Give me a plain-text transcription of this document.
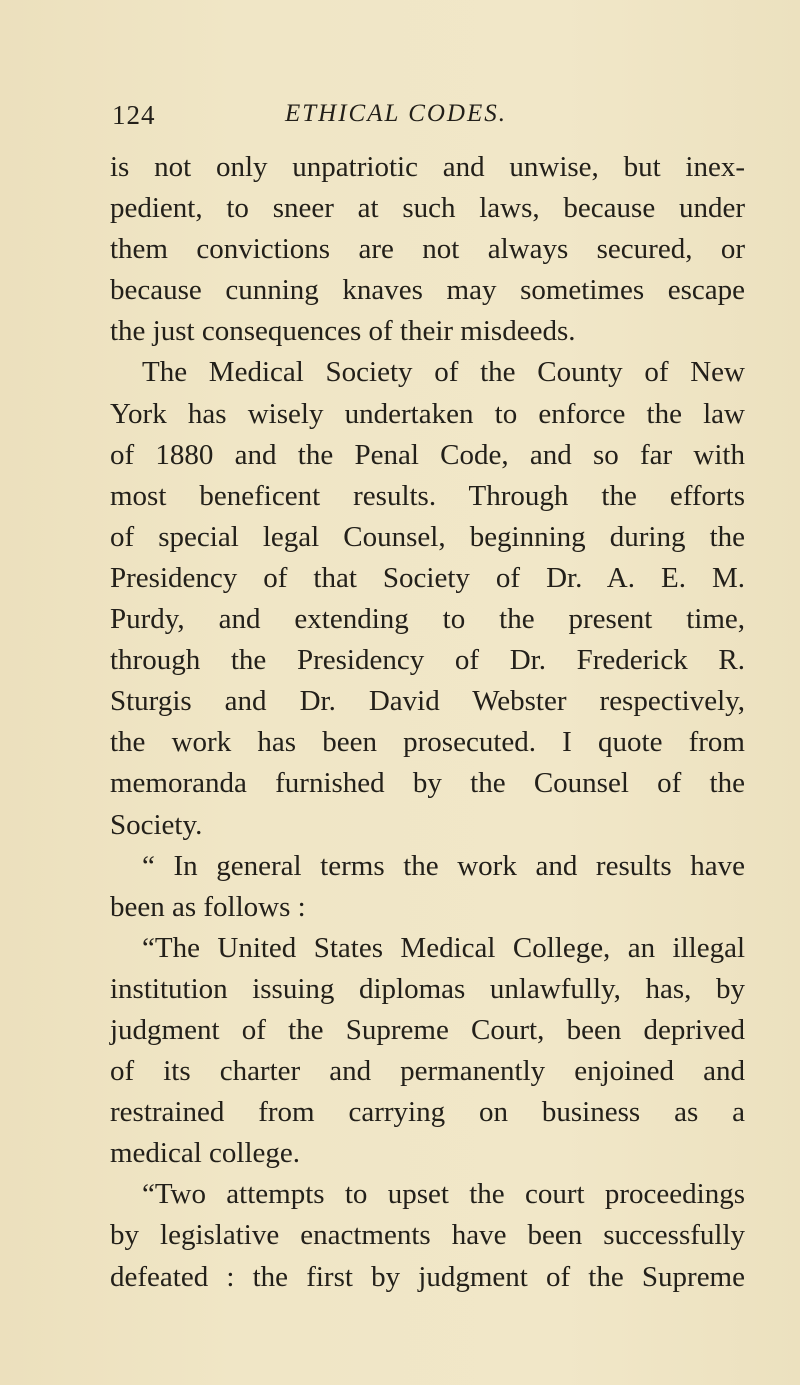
124	ETHICAL CODES.
is not only unpatriotic and unwise, but inex-
pedient, to sneer at such laws, because under
them convictions are not always secured, or
because cunning knaves may sometimes escape
the just consequences of their misdeeds.
The Medical Society of the County of New
York has wisely undertaken to enforce the law
of 1880 and the Penal Code, and so far with
most beneficent results. Through the efforts
of special legal Counsel, beginning during the
Presidency of that Society of Dr. A. E. M.
Purdy, and extending to the present time,
through the Presidency of Dr. Frederick R.
Sturgis and Dr. David Webster respectively,
the work has been prosecuted. I quote from
memoranda furnished by the Counsel of the
Society.
“ In general terms the work and results have
been as follows :
“The United States Medical College, an illegal
institution issuing diplomas unlawfully, has, by
judgment of the Supreme Court, been deprived
of its charter and permanently enjoined and
restrained from carrying on business as a
medical college.
“Two attempts to upset the court proceedings
by legislative enactments have been successfully
defeated : the first by judgment of the Supreme
